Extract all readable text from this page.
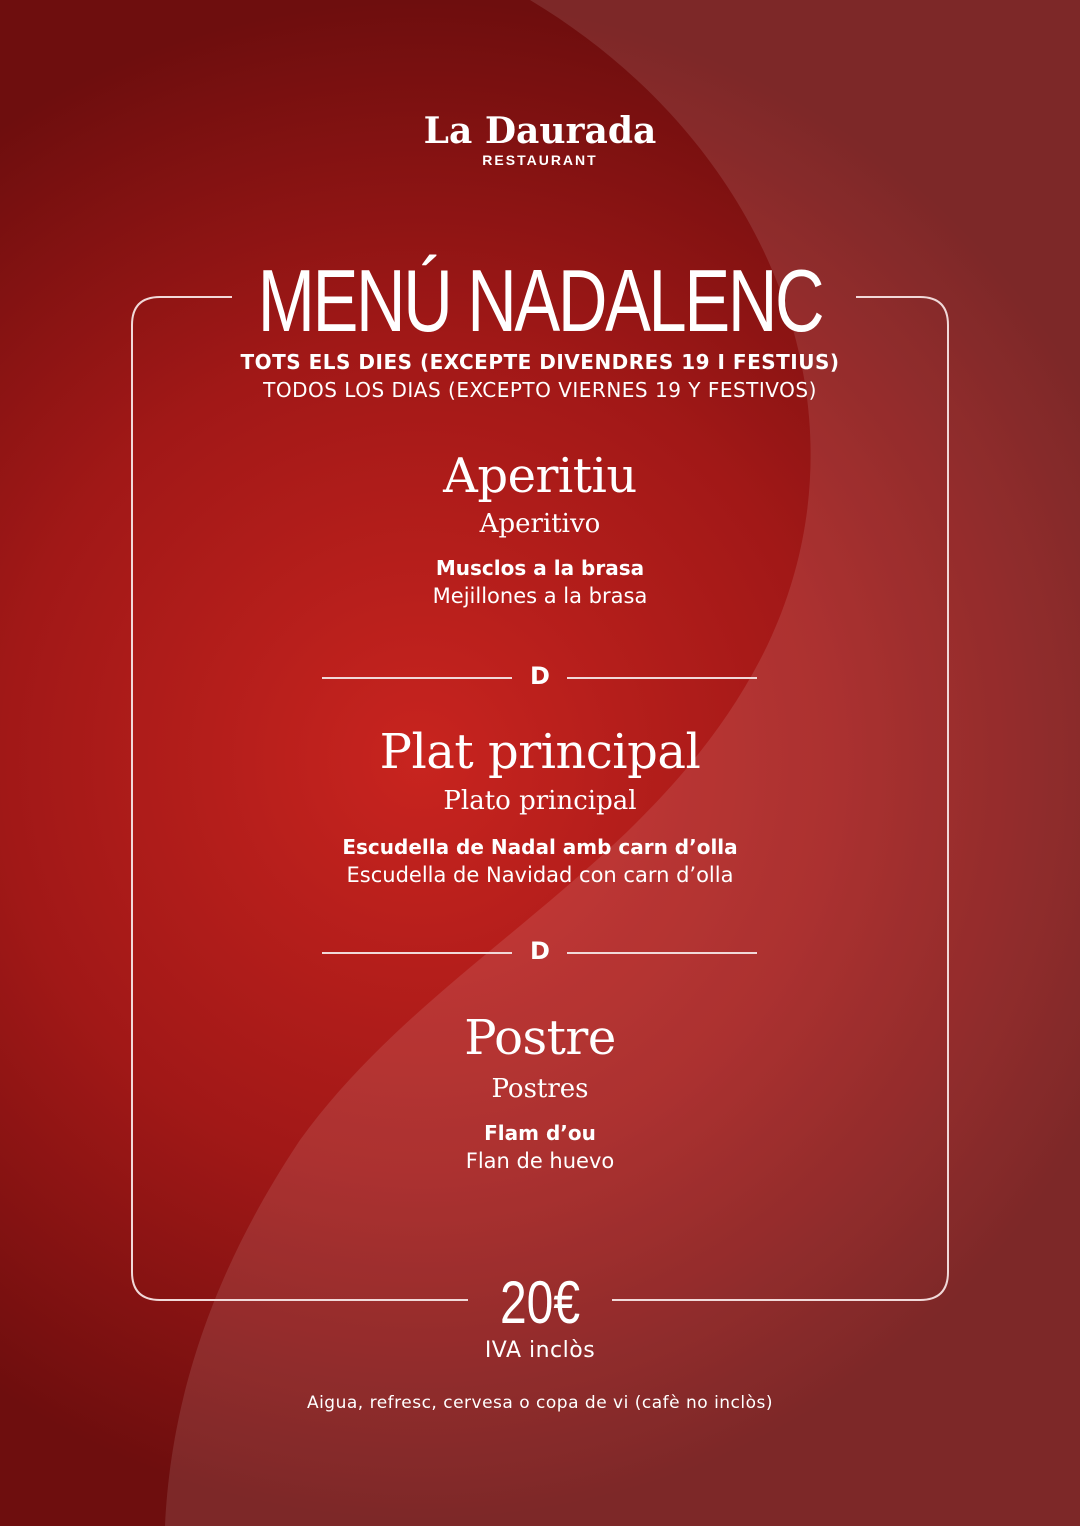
La Daurada
RESTAURANT
MENÚ NADALENC
TOTS ELS DIES (EXCEPTE DIVENDRES 19 I FESTIUS)
TODOS LOS DIAS (EXCEPTO VIERNES 19 Y FESTIVOS)
Aperitiu
Aperitivo
Musclos a la brasa
Mejillones a la brasa
D
Plat principal
Plato principal
Escudella de Nadal amb carn d’olla
Escudella de Navidad con carn d’olla
D
Postre
Postres
Flam d’ou
Flan de huevo
20€
IVA inclòs
Aigua, refresc, cervesa o copa de vi (cafè no inclòs)
